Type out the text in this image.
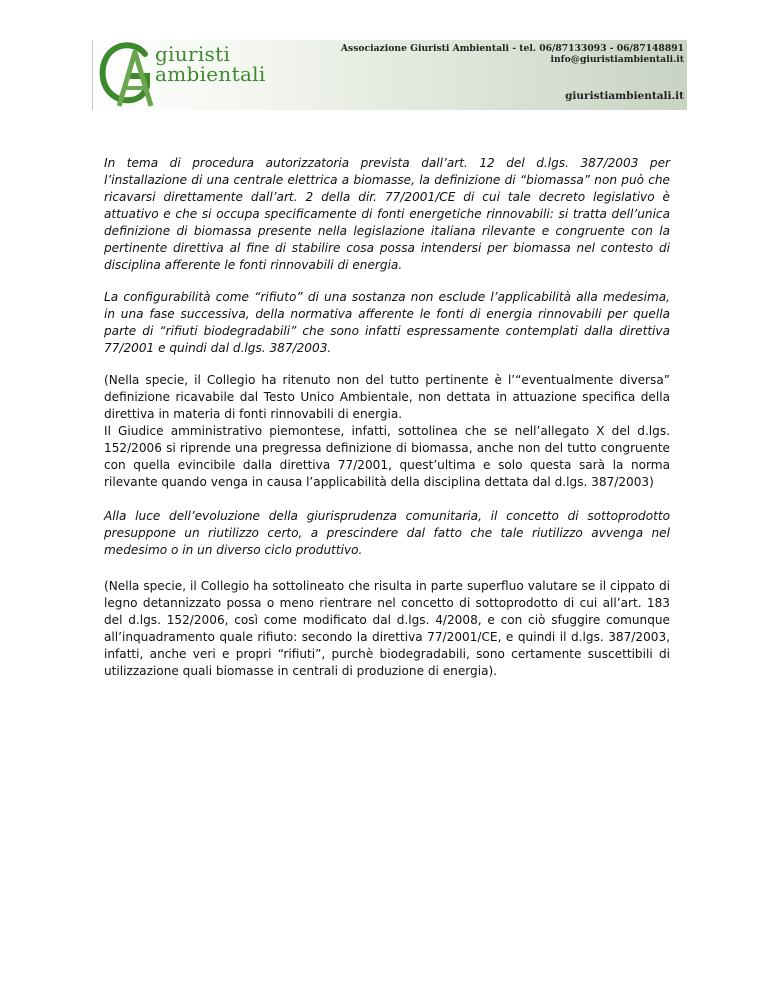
giuristi
ambientali
Associazione Giuristi Ambientali - tel. 06/87133093 - 06/87148891
info@giuristiambientali.it
giuristiambientali.it

In tema di procedura autorizzatoria prevista dall’art. 12 del d.lgs. 387/2003 per l’installazione di una centrale elettrica a biomasse, la definizione di “biomassa” non può che ricavarsi direttamente dall’art. 2 della dir. 77/2001/CE di cui tale decreto legislativo è attuativo e che si occupa specificamente di fonti energetiche rinnovabili: si tratta dell’unica definizione di biomassa presente nella legislazione italiana rilevante e congruente con la pertinente direttiva al fine di stabilire cosa possa intendersi per biomassa nel contesto di disciplina afferente le fonti rinnovabili di energia.

La configurabilità come “rifiuto” di una sostanza non esclude l’applicabilità alla medesima, in una fase successiva, della normativa afferente le fonti di energia rinnovabili per quella parte di “rifiuti biodegradabili” che sono infatti espressamente contemplati dalla direttiva 77/2001 e quindi dal d.lgs. 387/2003.

(Nella specie, il Collegio ha ritenuto non del tutto pertinente è l’“eventualmente diversa” definizione ricavabile dal Testo Unico Ambientale, non dettata in attuazione specifica della direttiva in materia di fonti rinnovabili di energia.

Il Giudice amministrativo piemontese, infatti, sottolinea che se nell’allegato X del d.lgs. 152/2006 si riprende una pregressa definizione di biomassa, anche non del tutto congruente con quella evincibile dalla direttiva 77/2001, quest’ultima e solo questa sarà la norma rilevante quando venga in causa l’applicabilità della disciplina dettata dal d.lgs. 387/2003)

Alla luce dell’evoluzione della giurisprudenza comunitaria, il concetto di sottoprodotto presuppone un riutilizzo certo, a prescindere dal fatto che tale riutilizzo avvenga nel medesimo o in un diverso ciclo produttivo.

(Nella specie, il Collegio ha sottolineato che risulta in parte superfluo valutare se il cippato di legno detannizzato possa o meno rientrare nel concetto di sottoprodotto di cui all’art. 183 del d.lgs. 152/2006, così come modificato dal d.lgs. 4/2008, e con ciò sfuggire comunque all’inquadramento quale rifiuto: secondo la direttiva 77/2001/CE, e quindi il d.lgs. 387/2003, infatti, anche veri e propri “rifiuti”, purchè biodegradabili, sono certamente suscettibili di utilizzazione quali biomasse in centrali di produzione di energia).
